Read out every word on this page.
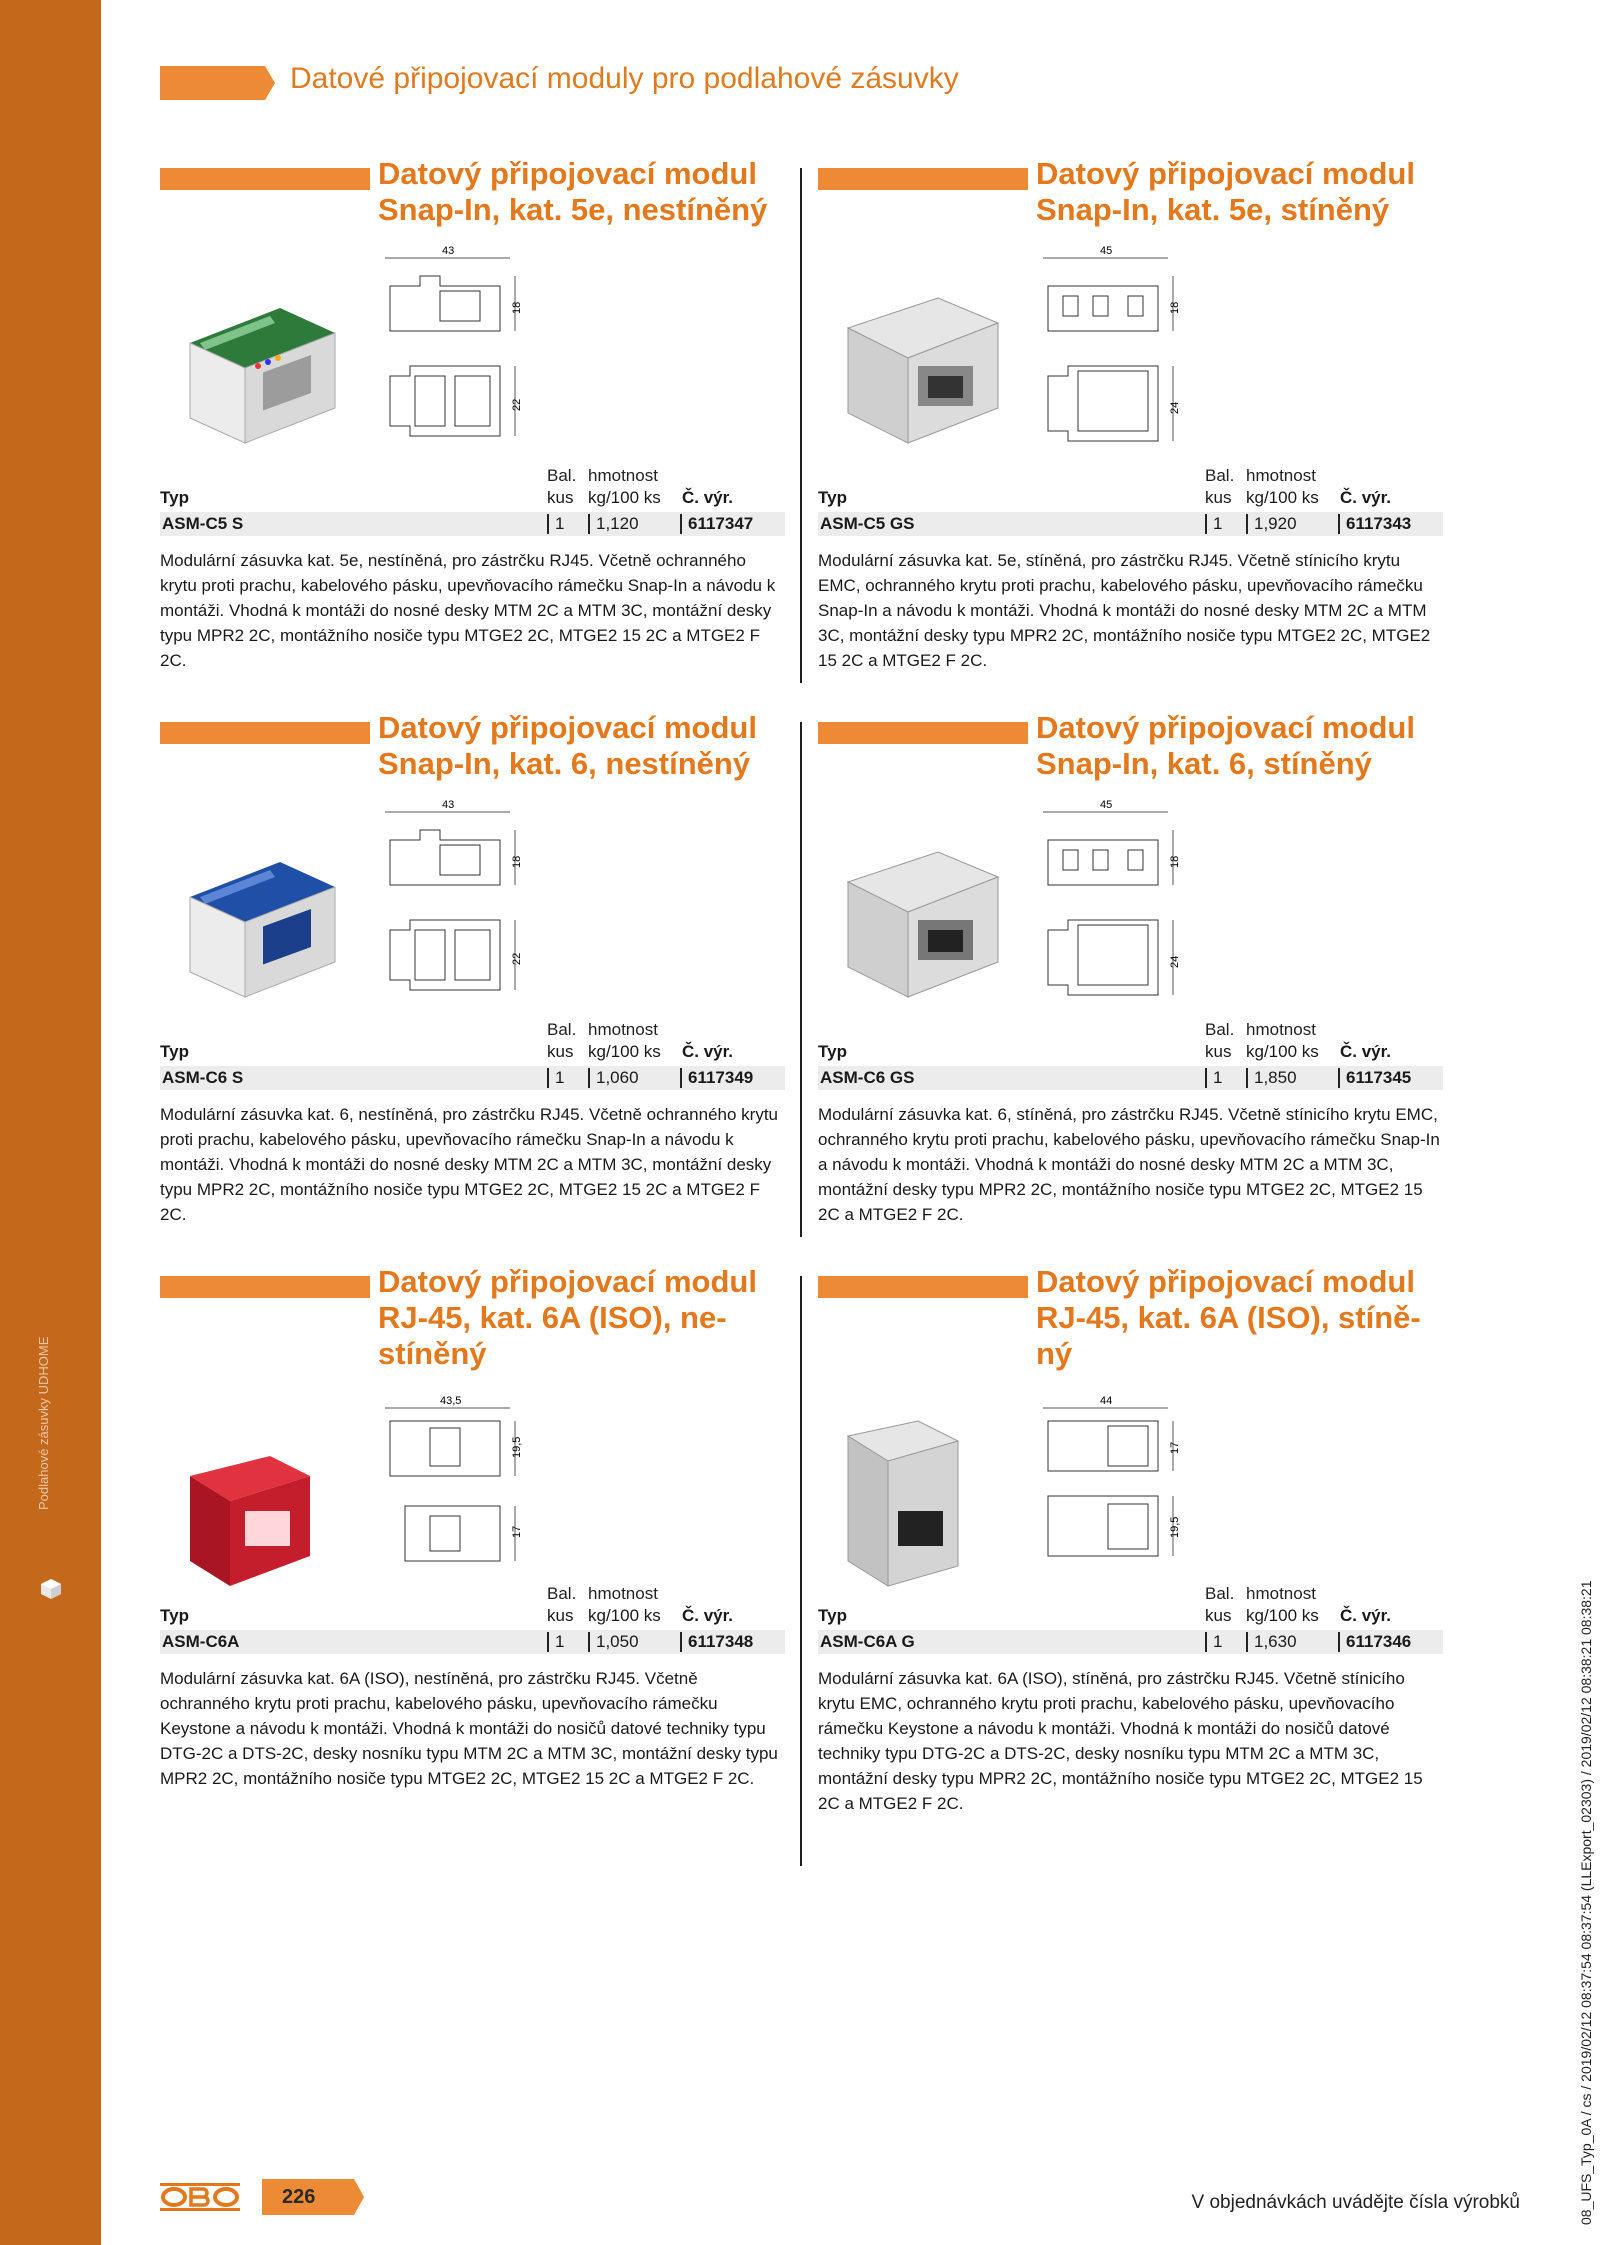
Podlahové zásuvky UDHOME
Datové připojovací moduly pro podlahové zásuvky
Datový připojovací modul
Snap-In, kat. 5e, nestíněný
43
18
22
Bal. hmotnost
Typ	kus kg/100 ks Č. výr.
ASM-C5 S	1	1,120	6117347
Modulární zásuvka kat. 5e, nestíněná, pro zástrčku RJ45. Včetně ochranného krytu proti prachu, kabelového pásku, upevňovacího rámečku Snap-In a návodu k montáži. Vhodná k montáži do nosné desky MTM 2C a MTM 3C, montážní desky typu MPR2 2C, montážního nosiče typu MTGE2 2C, MTGE2 15 2C a MTGE2 F 2C.
Datový připojovací modul
Snap-In, kat. 5e, stíněný
45
18
24
Bal. hmotnost
Typ	kus kg/100 ks Č. výr.
ASM-C5 GS	1	1,920	6117343
Modulární zásuvka kat. 5e, stíněná, pro zástrčku RJ45. Včetně stínicího krytu EMC, ochranného krytu proti prachu, kabelového pásku, upevňovacího rámečku Snap-In a návodu k montáži. Vhodná k montáži do nosné desky MTM 2C a MTM 3C, montážní desky typu MPR2 2C, montážního nosiče typu MTGE2 2C, MTGE2 15 2C a MTGE2 F 2C.
Datový připojovací modul
Snap-In, kat. 6, nestíněný
43
18
22
Bal. hmotnost
Typ	kus kg/100 ks Č. výr.
ASM-C6 S	1	1,060	6117349
Modulární zásuvka kat. 6, nestíněná, pro zástrčku RJ45. Včetně ochranného krytu proti prachu, kabelového pásku, upevňovacího rámečku Snap-In a návodu k montáži. Vhodná k montáži do nosné desky MTM 2C a MTM 3C, montážní desky typu MPR2 2C, montážního nosiče typu MTGE2 2C, MTGE2 15 2C a MTGE2 F 2C.
Datový připojovací modul
Snap-In, kat. 6, stíněný
45
18
24
Bal. hmotnost
Typ	kus kg/100 ks Č. výr.
ASM-C6 GS	1	1,850	6117345
Modulární zásuvka kat. 6, stíněná, pro zástrčku RJ45. Včetně stínicího krytu EMC, ochranného krytu proti prachu, kabelového pásku, upevňovacího rámečku Snap-In a návodu k montáži. Vhodná k montáži do nosné desky MTM 2C a MTM 3C, montážní desky typu MPR2 2C, montážního nosiče typu MTGE2 2C, MTGE2 15 2C a MTGE2 F 2C.
Datový připojovací modul
RJ-45, kat. 6A (ISO), ne-
stíněný
43,5
19,5
17
Bal. hmotnost
Typ	kus kg/100 ks Č. výr.
ASM-C6A	1	1,050	6117348
Modulární zásuvka kat. 6A (ISO), nestíněná, pro zástrčku RJ45. Včetně ochranného krytu proti prachu, kabelového pásku, upevňovacího rámečku Keystone a návodu k montáži. Vhodná k montáži do nosičů datové techniky typu DTG-2C a DTS-2C, desky nosníku typu MTM 2C a MTM 3C, montážní desky typu MPR2 2C, montážního nosiče typu MTGE2 2C, MTGE2 15 2C a MTGE2 F 2C.
Datový připojovací modul
RJ-45, kat. 6A (ISO), stíně-
ný
44
17
19,5
Bal. hmotnost
Typ	kus kg/100 ks Č. výr.
ASM-C6A G	1	1,630	6117346
Modulární zásuvka kat. 6A (ISO), stíněná, pro zástrčku RJ45. Včetně stínicího krytu EMC, ochranného krytu proti prachu, kabelového pásku, upevňovacího rámečku Keystone a návodu k montáži. Vhodná k montáži do nosičů datové techniky typu DTG-2C a DTS-2C, desky nosníku typu MTM 2C a MTM 3C, montážní desky typu MPR2 2C, montážního nosiče typu MTGE2 2C, MTGE2 15 2C a MTGE2 F 2C.
226	V objednávkách uvádějte čísla výrobků	08_UFS_Typ_0A / cs / 2019/02/12 08:37:54 08:37:54 (LLExport_02303) / 2019/02/12 08:38:21 08:38:21
